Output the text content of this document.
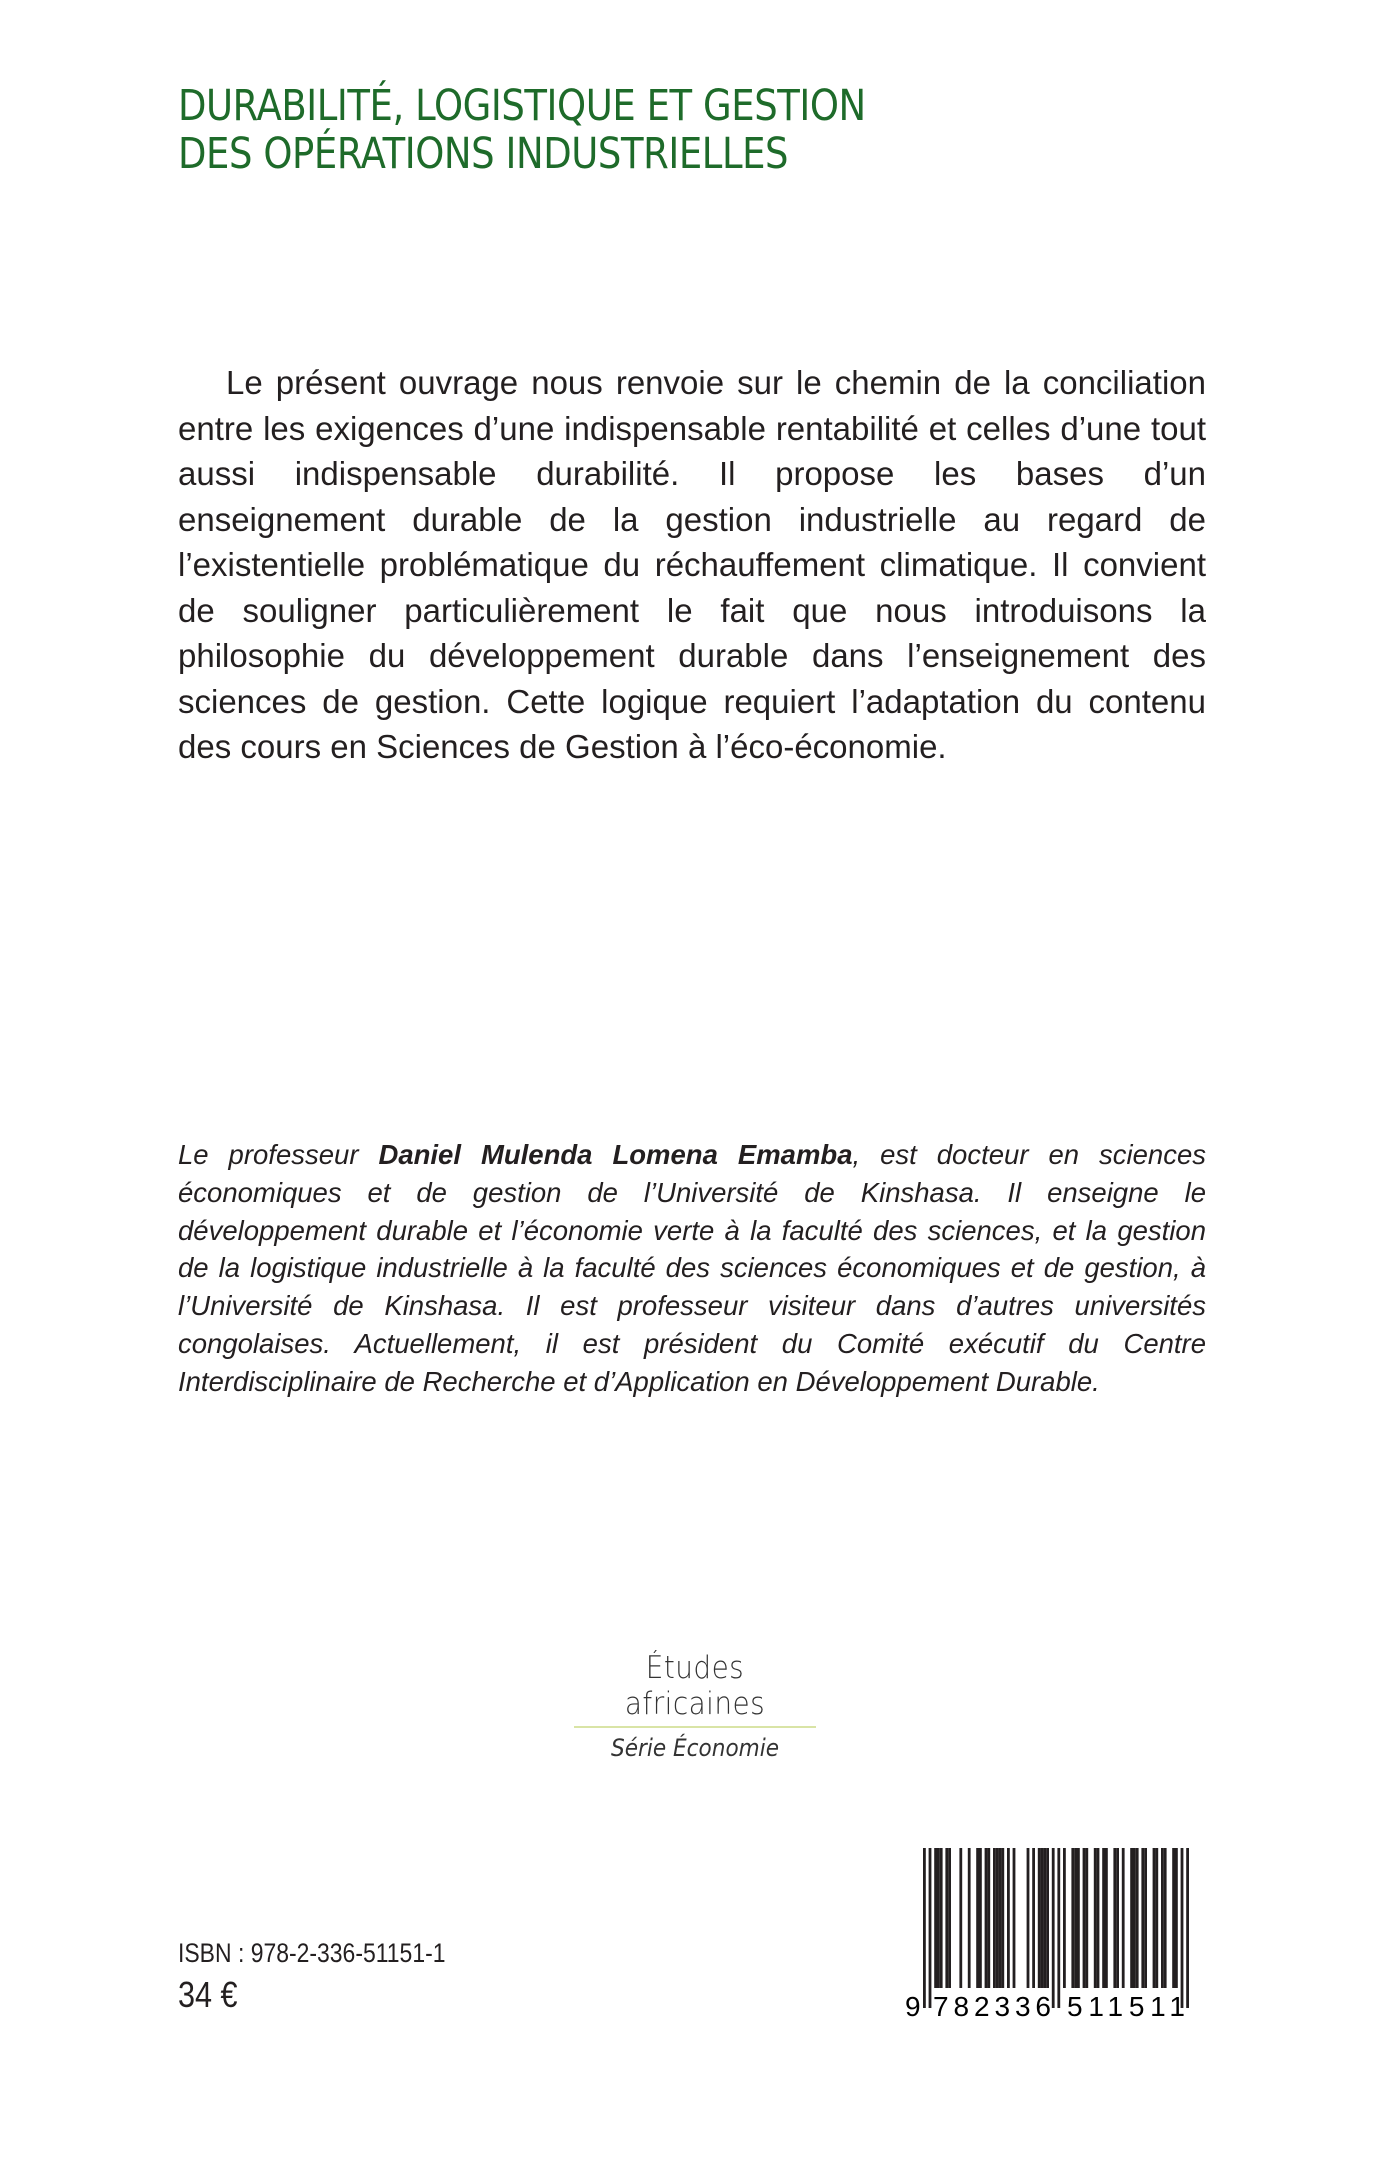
DURABILITÉ, LOGISTIQUE ET GESTION
DES OPÉRATIONS INDUSTRIELLES

Le présent ouvrage nous renvoie sur le chemin de la conciliation entre les exigences d’une indispensable rentabilité et celles d’une tout aussi indispensable durabilité. Il propose les bases d’un enseignement durable de la gestion industrielle au regard de l’existentielle problématique du réchauffement climatique. Il convient de souligner particulièrement le fait que nous introduisons la philosophie du développement durable dans l’enseignement des sciences de gestion. Cette logique requiert l’adaptation du contenu des cours en Sciences de Gestion à l’éco-économie.

Le professeur Daniel Mulenda Lomena Emamba, est docteur en sciences économiques et de gestion de l’Université de Kinshasa. Il enseigne le développement durable et l’économie verte à la faculté des sciences, et la gestion de la logistique industrielle à la faculté des sciences économiques et de gestion, à l’Université de Kinshasa. Il est professeur visiteur dans d’autres universités congolaises. Actuellement, il est président du Comité exécutif du Centre Interdisciplinaire de Recherche et d’Application en Développement Durable.

Études africaines
Série Économie
ISBN : 978-2-336-51151-1
34 €	9 782336 511511
